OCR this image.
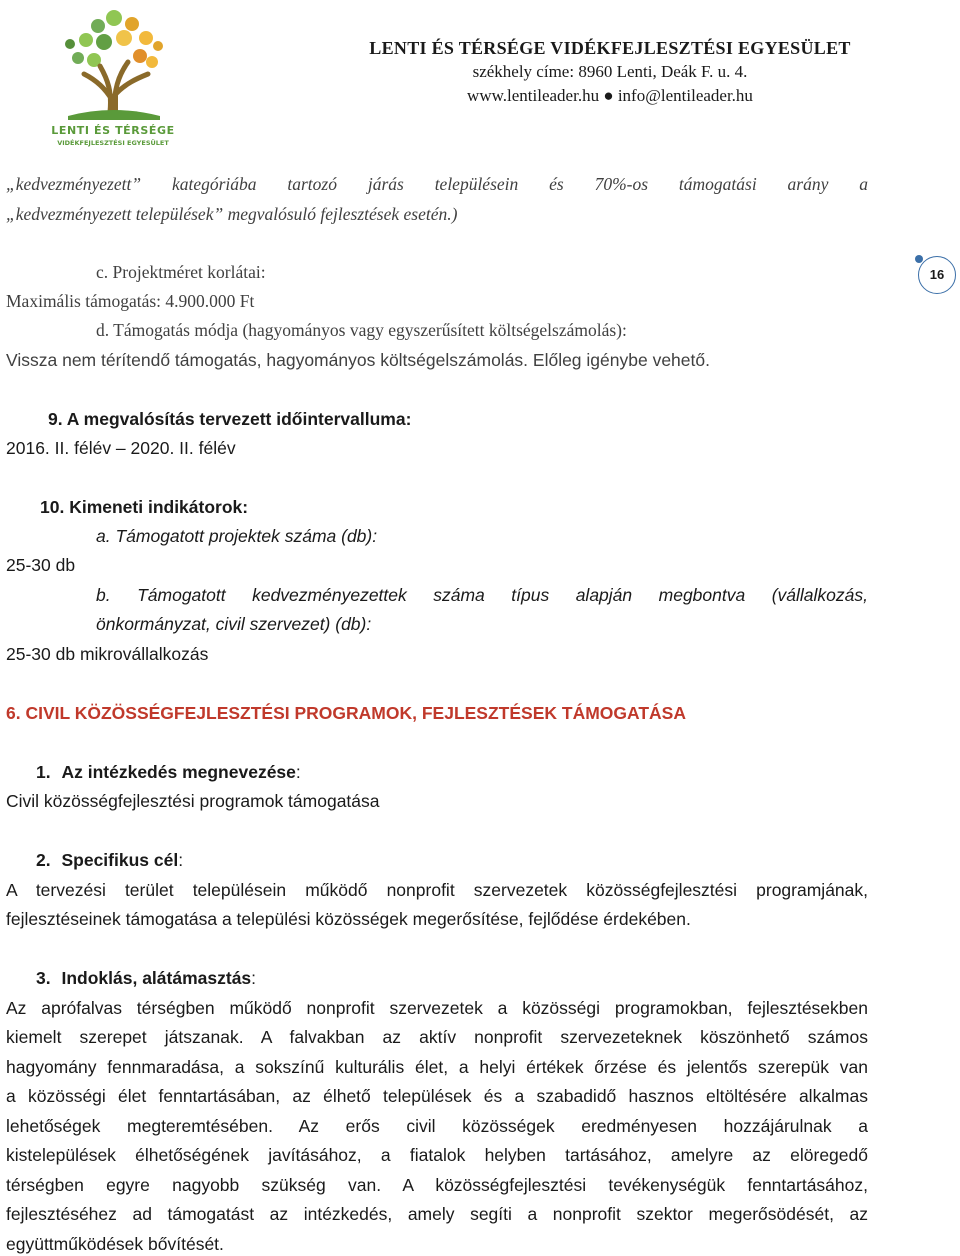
LENTI ÉS TÉRSÉGE
VIDÉKFEJLESZTÉSI EGYESÜLET
LENTI ÉS TÉRSÉGE VIDÉKFEJLESZTÉSI EGYESÜLET
székhely címe: 8960 Lenti, Deák F. u. 4.
www.lentileader.hu ● info@lentileader.hu
16
„kedvezményezett” kategóriába tartozó járás településein és 70%-os támogatási arány a
„kedvezményezett települések” megvalósuló fejlesztések esetén.)
c. Projektméret korlátai:
Maximális támogatás: 4.900.000 Ft
d. Támogatás módja (hagyományos vagy egyszerűsített költségelszámolás):
Vissza nem térítendő támogatás, hagyományos költségelszámolás. Előleg igénybe vehető.
9. A megvalósítás tervezett időintervalluma:
2016. II. félév – 2020. II. félév
10. Kimeneti indikátorok:
a. Támogatott projektek száma (db):
25-30 db
b. Támogatott kedvezményezettek száma típus alapján megbontva (vállalkozás,
önkormányzat, civil szervezet) (db):
25-30 db mikrovállalkozás
6. CIVIL KÖZÖSSÉGFEJLESZTÉSI PROGRAMOK, FEJLESZTÉSEK TÁMOGATÁSA
1. Az intézkedés megnevezése:
Civil közösségfejlesztési programok támogatása
2. Specifikus cél:
A tervezési terület településein működő nonprofit szervezetek közösségfejlesztési programjának,
fejlesztéseinek támogatása a települési közösségek megerősítése, fejlődése érdekében.
3. Indoklás, alátámasztás:
Az aprófalvas térségben működő nonprofit szervezetek a közösségi programokban, fejlesztésekben
kiemelt szerepet játszanak. A falvakban az aktív nonprofit szervezeteknek köszönhető számos
hagyomány fennmaradása, a sokszínű kulturális élet, a helyi értékek őrzése és jelentős szerepük van
a közösségi élet fenntartásában, az élhető települések és a szabadidő hasznos eltöltésére alkalmas
lehetőségek megteremtésében. Az erős civil közösségek eredményesen hozzájárulnak a
kistelepülések élhetőségének javításához, a fiatalok helyben tartásához, amelyre az elöregedő
térségben egyre nagyobb szükség van. A közösségfejlesztési tevékenységük fenntartásához,
fejlesztéséhez ad támogatást az intézkedés, amely segíti a nonprofit szektor megerősödését, az
együttműködések bővítését.
